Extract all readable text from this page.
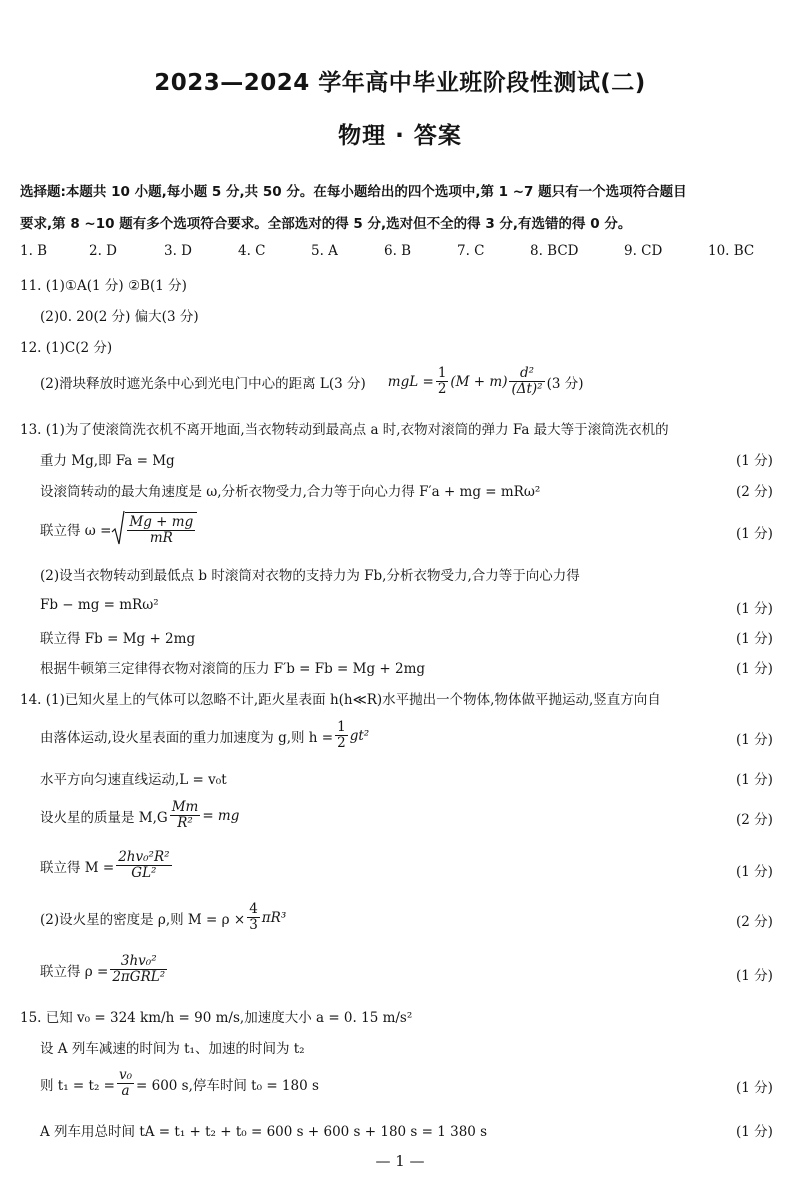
2023—2024 学年高中毕业班阶段性测试(二)
物理 · 答案
选择题:本题共 10 小题,每小题 5 分,共 50 分。在每小题给出的四个选项中,第 1 ~7 题只有一个选项符合题目
要求,第 8 ~10 题有多个选项符合要求。全部选对的得 5 分,选对但不全的得 3 分,有选错的得 0 分。
1. B	2. D	3. D	4. C	5. A	6. B	7. C	8. BCD	9. CD	10. BC
11. (1)①A(1 分) ②B(1 分)
(2)0. 20(2 分) 偏大(3 分)
12. (1)C(2 分)
(2)滑块释放时遮光条中心到光电门中心的距离 L(3 分) mgL = $\frac{1}{2} (M + m) \frac{\text{d²}}{\text{(Δt)²}} (3$ 分)
13. (1)为了使滚筒洗衣机不离开地面,当衣物转动到最高点 a 时,衣物对滚筒的弹力 Fa 最大等于滚筒洗衣机的
重力 Mg,即 Fa = Mg	(1 分)
设滚筒转动的最大角速度是 ω,分析衣物受力,合力等于向心力得 F′a + mg = mRω²	(2 分)
联立得 $\omega = \frac{Mg + mg}{mR}$	(1 分)
(2)设当衣物转动到最低点 b 时滚筒对衣物的支持力为 Fb,分析衣物受力,合力等于向心力得
Fb − mg = mRω²	(1 分)
联立得 Fb = Mg + 2mg	(1 分)
根据牛顿第三定律得衣物对滚筒的压力 F′b = Fb = Mg + 2mg	(1 分)
14. (1)已知火星上的气体可以忽略不计,距火星表面 h(h≪R)水平抛出一个物体,物体做平抛运动,竖直方向自
由落体运动,设火星表面的重力加速度为 g,则 $h = \frac{1}{2} gt^2$	(1 分)
水平方向匀速直线运动,L = v₀t	(1 分)
设火星的质量是 $M,G \frac{Mm}{\text{R²}}$ = mg	(2 分)
联立得 $M = \frac{\text{2hv₀²R²}}{\text{GL²}}$	(1 分)
(2)设火星的密度是 ρ,则 $M = \rho \times \frac{4}{3} \pi R^3$	(2 分)
联立得 $\rho = \frac{\text{3hv₀²}}{\text{2πGRL²}}$	(1 分)
15. 已知 v₀ = 324 km/h = 90 m/s,加速度大小 a = 0. 15 m/s²
设 A 列车减速的时间为 t₁、加速的时间为 t₂
则 $t_1 = t_2 = \frac{\text{v₀}}{a} = 600$ s,停车时间 t₀ = 180 s	(1 分)
A 列车用总时间 tA = t₁ + t₂ + t₀ = 600 s + 600 s + 180 s = 1 380 s	(1 分)
— 1 —
